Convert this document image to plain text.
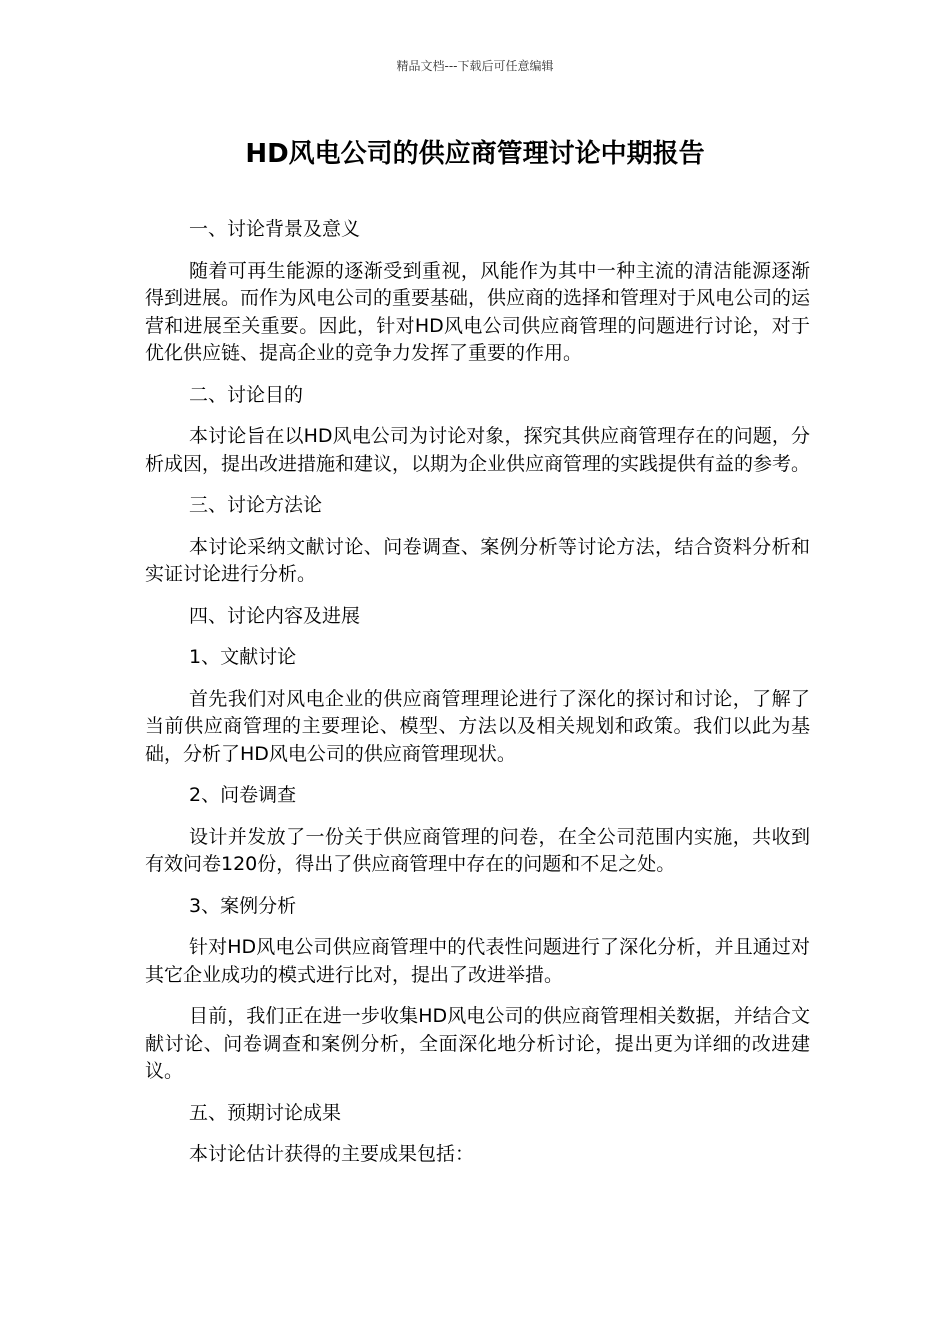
精品文档---下载后可任意编辑
HD风电公司的供应商管理讨论中期报告

一、讨论背景及意义

随着可再生能源的逐渐受到重视，风能作为其中一种主流的清洁能源逐渐得到进展。而作为风电公司的重要基础，供应商的选择和管理对于风电公司的运营和进展至关重要。因此，针对HD风电公司供应商管理的问题进行讨论，对于优化供应链、提高企业的竞争力发挥了重要的作用。

二、讨论目的

本讨论旨在以HD风电公司为讨论对象，探究其供应商管理存在的问题，分析成因，提出改进措施和建议，以期为企业供应商管理的实践提供有益的参考。

三、讨论方法论

本讨论采纳文献讨论、问卷调查、案例分析等讨论方法，结合资料分析和实证讨论进行分析。

四、讨论内容及进展

1、文献讨论

首先我们对风电企业的供应商管理理论进行了深化的探讨和讨论，了解了当前供应商管理的主要理论、模型、方法以及相关规划和政策。我们以此为基础，分析了HD风电公司的供应商管理现状。

2、问卷调查

设计并发放了一份关于供应商管理的问卷，在全公司范围内实施，共收到有效问卷120份，得出了供应商管理中存在的问题和不足之处。

3、案例分析

针对HD风电公司供应商管理中的代表性问题进行了深化分析，并且通过对其它企业成功的模式进行比对，提出了改进举措。

目前，我们正在进一步收集HD风电公司的供应商管理相关数据，并结合文献讨论、问卷调查和案例分析，全面深化地分析讨论，提出更为详细的改进建议。

五、预期讨论成果

本讨论估计获得的主要成果包括：
